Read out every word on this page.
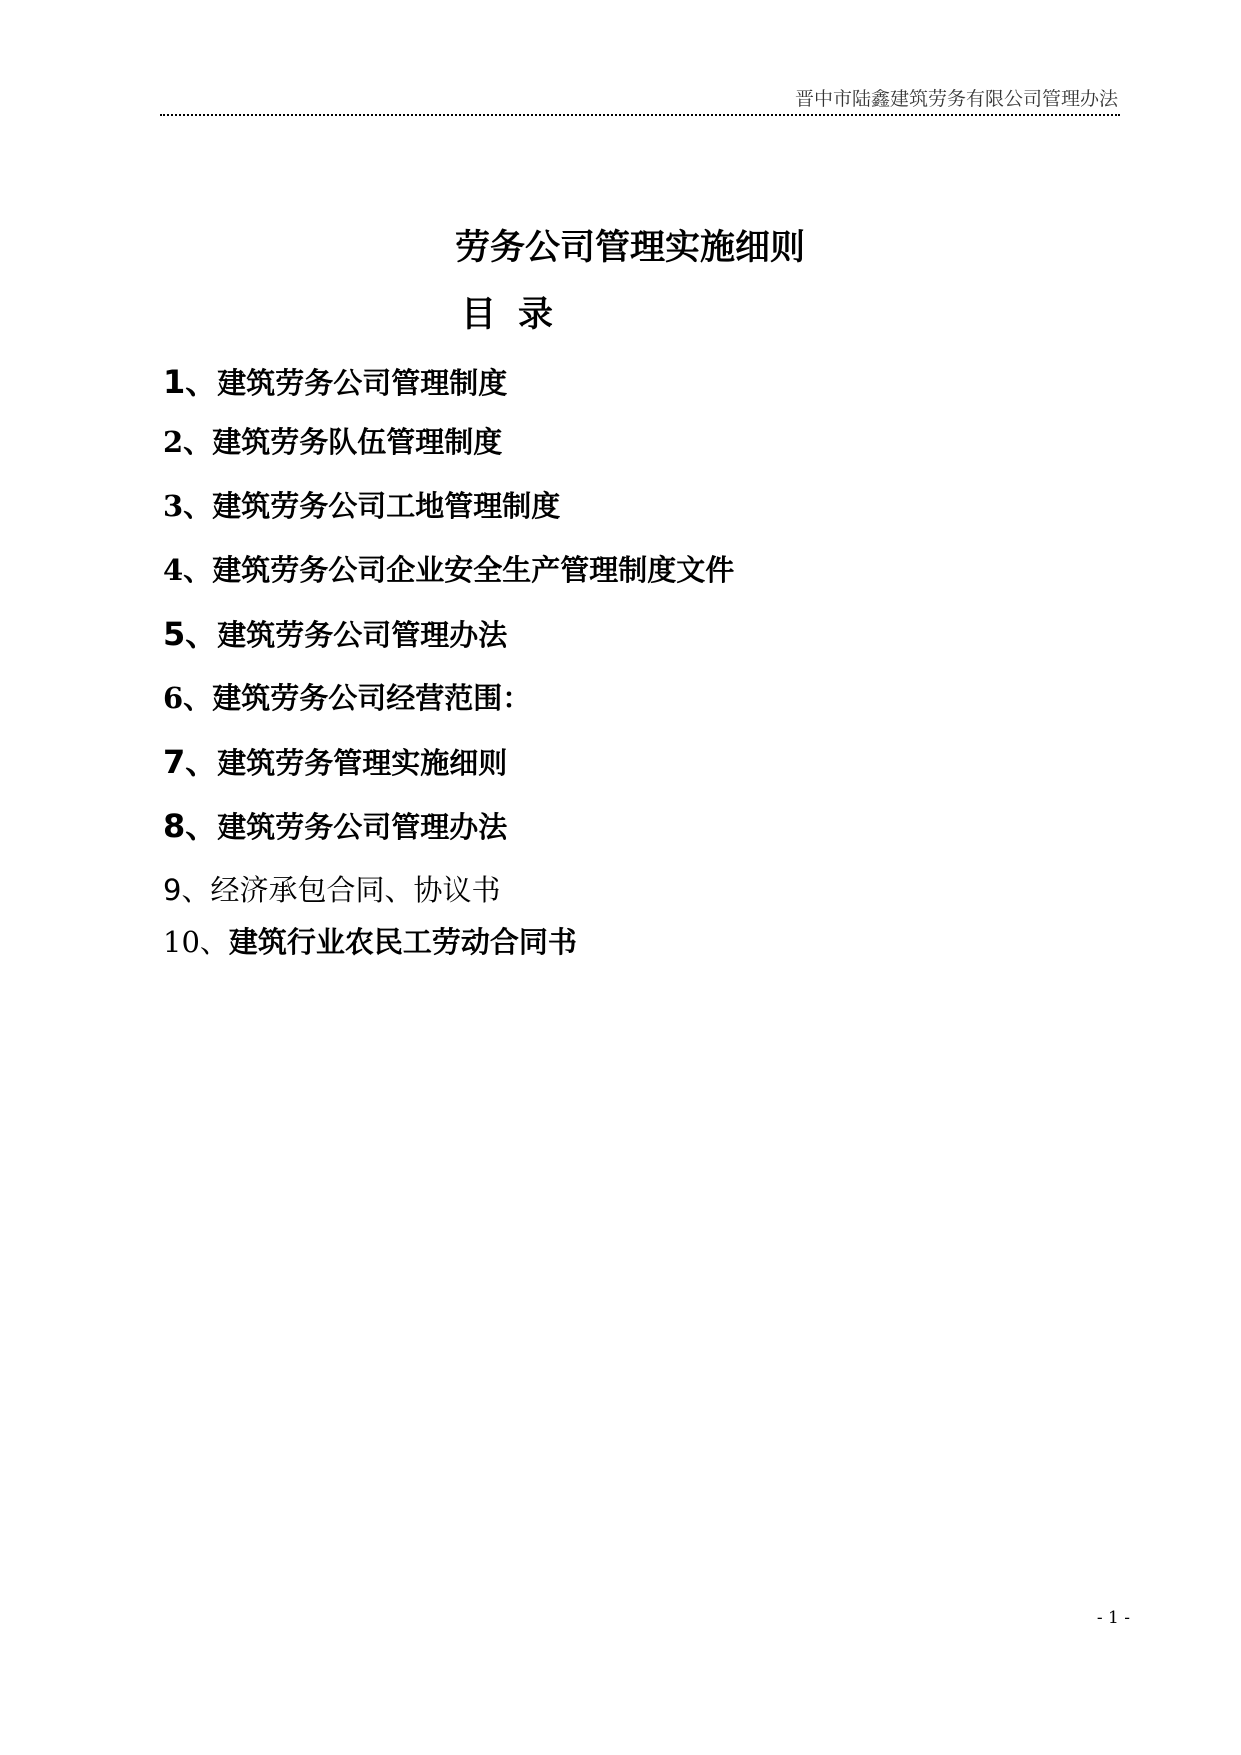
晋中市陆鑫建筑劳务有限公司管理办法
劳务公司管理实施细则
目录
1、建筑劳务公司管理制度
2、建筑劳务队伍管理制度
3、建筑劳务公司工地管理制度
4、建筑劳务公司企业安全生产管理制度文件
5、建筑劳务公司管理办法
6、建筑劳务公司经营范围：
7、建筑劳务管理实施细则
8、建筑劳务公司管理办法
9、经济承包合同、协议书
10、建筑行业农民工劳动合同书
- 1 -
